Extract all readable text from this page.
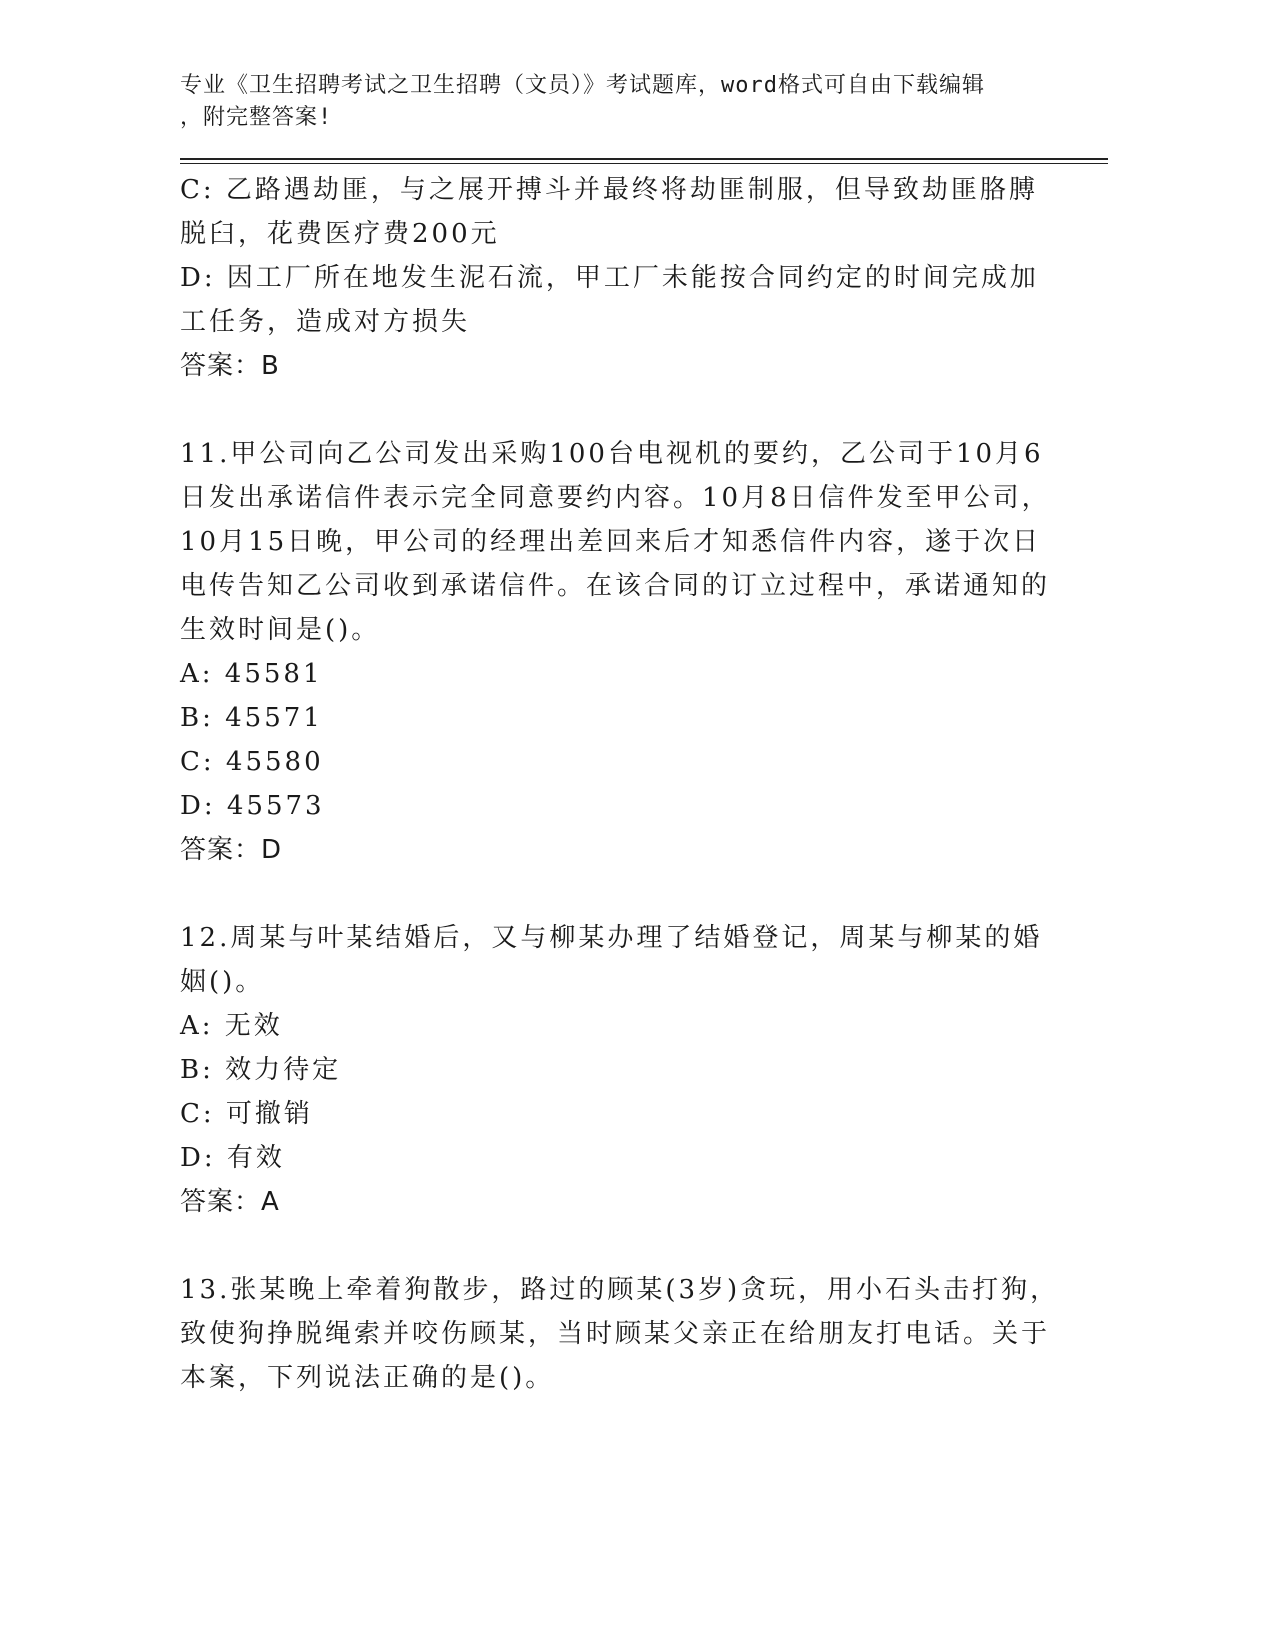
专业《卫生招聘考试之卫生招聘（文员）》考试题库，word格式可自由下载编辑
，附完整答案!

C: 乙路遇劫匪，与之展开搏斗并最终将劫匪制服，但导致劫匪胳膊脱臼，花费医疗费200元

D: 因工厂所在地发生泥石流，甲工厂未能按合同约定的时间完成加工任务，造成对方损失

答案：B

11.甲公司向乙公司发出采购100台电视机的要约，乙公司于10月6日发出承诺信件表示完全同意要约内容。10月8日信件发至甲公司，10月15日晚，甲公司的经理出差回来后才知悉信件内容，遂于次日电传告知乙公司收到承诺信件。在该合同的订立过程中，承诺通知的生效时间是()。

A: 45581

B: 45571

C: 45580

D: 45573

答案：D

12.周某与叶某结婚后，又与柳某办理了结婚登记，周某与柳某的婚姻()。

A: 无效

B: 效力待定

C: 可撤销

D: 有效

答案：A

13.张某晚上牵着狗散步，路过的顾某(3岁)贪玩，用小石头击打狗，致使狗挣脱绳索并咬伤顾某，当时顾某父亲正在给朋友打电话。关于本案，下列说法正确的是()。
